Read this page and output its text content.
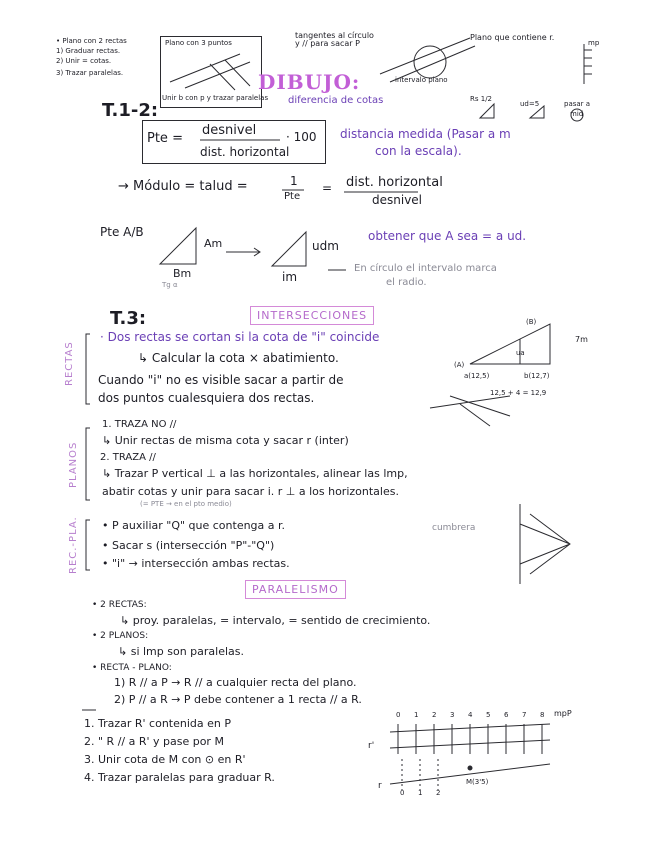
• Plano con 2 rectas
1) Graduar rectas.
2) Unir = cotas.
3) Trazar paralelas.
Plano con 3 puntos
Unir b con p y trazar paralelas
tangentes al círculo y // para sacar P
intervalo plano
Plano que contiene r.
mp
DIBUJO:
T.1-2:	diferencia de cotas
Pte =
desnivel · 100
dist. horizontal
distancia medida (Pasar a m
con la escala).
→ Módulo = talud =	1
Pte
= dist. horizontal
desnivel
Pte A/B
Am
Bm
Tg α
udm
im
obtener que A sea = a ud.
En círculo el intervalo marca
el radio.
Rs 1/2
ud=5	pasar a
mid
T.3:	INTERSECCIONES
RECTAS
· Dos rectas se cortan si la cota de "i" coincide
↳ Calcular la cota × abatimiento.
Cuando "i" no es visible sacar a partir de
dos puntos cualesquiera dos rectas.
(B)
(A)
7m
ua
a(12,5)	b(12,7)
12,5 + 4 = 12,9
PLANOS
1. TRAZA NO //
↳ Unir rectas de misma cota y sacar r (inter)
2. TRAZA //
↳ Trazar P vertical ⊥ a las horizontales, alinear las lmp,
abatir cotas y unir para sacar i. r ⊥ a los horizontales.
(= PTE → en el pto medio)
REC.-PLA. • P auxiliar "Q" que contenga a r.
• Sacar s (intersección "P"-"Q")
• "i" → intersección ambas rectas.
cumbrera
PARALELISMO
• 2 RECTAS:
↳ proy. paralelas, = intervalo, = sentido de crecimiento.
• 2 PLANOS:
↳ si lmp son paralelas.
• RECTA - PLANO:
1) R // a P → R // a cualquier recta del plano.
2) P // a R → P debe contener a 1 recta // a R.
1. Trazar R' contenida en P
2. " R // a R' y pase por M
3. Unir cota de M con ⊙ en R'
4. Trazar paralelas para graduar R.
0 1 2 3 4 5 6 7 8 mpP
r'
r	M(3'5)
0 1 2
